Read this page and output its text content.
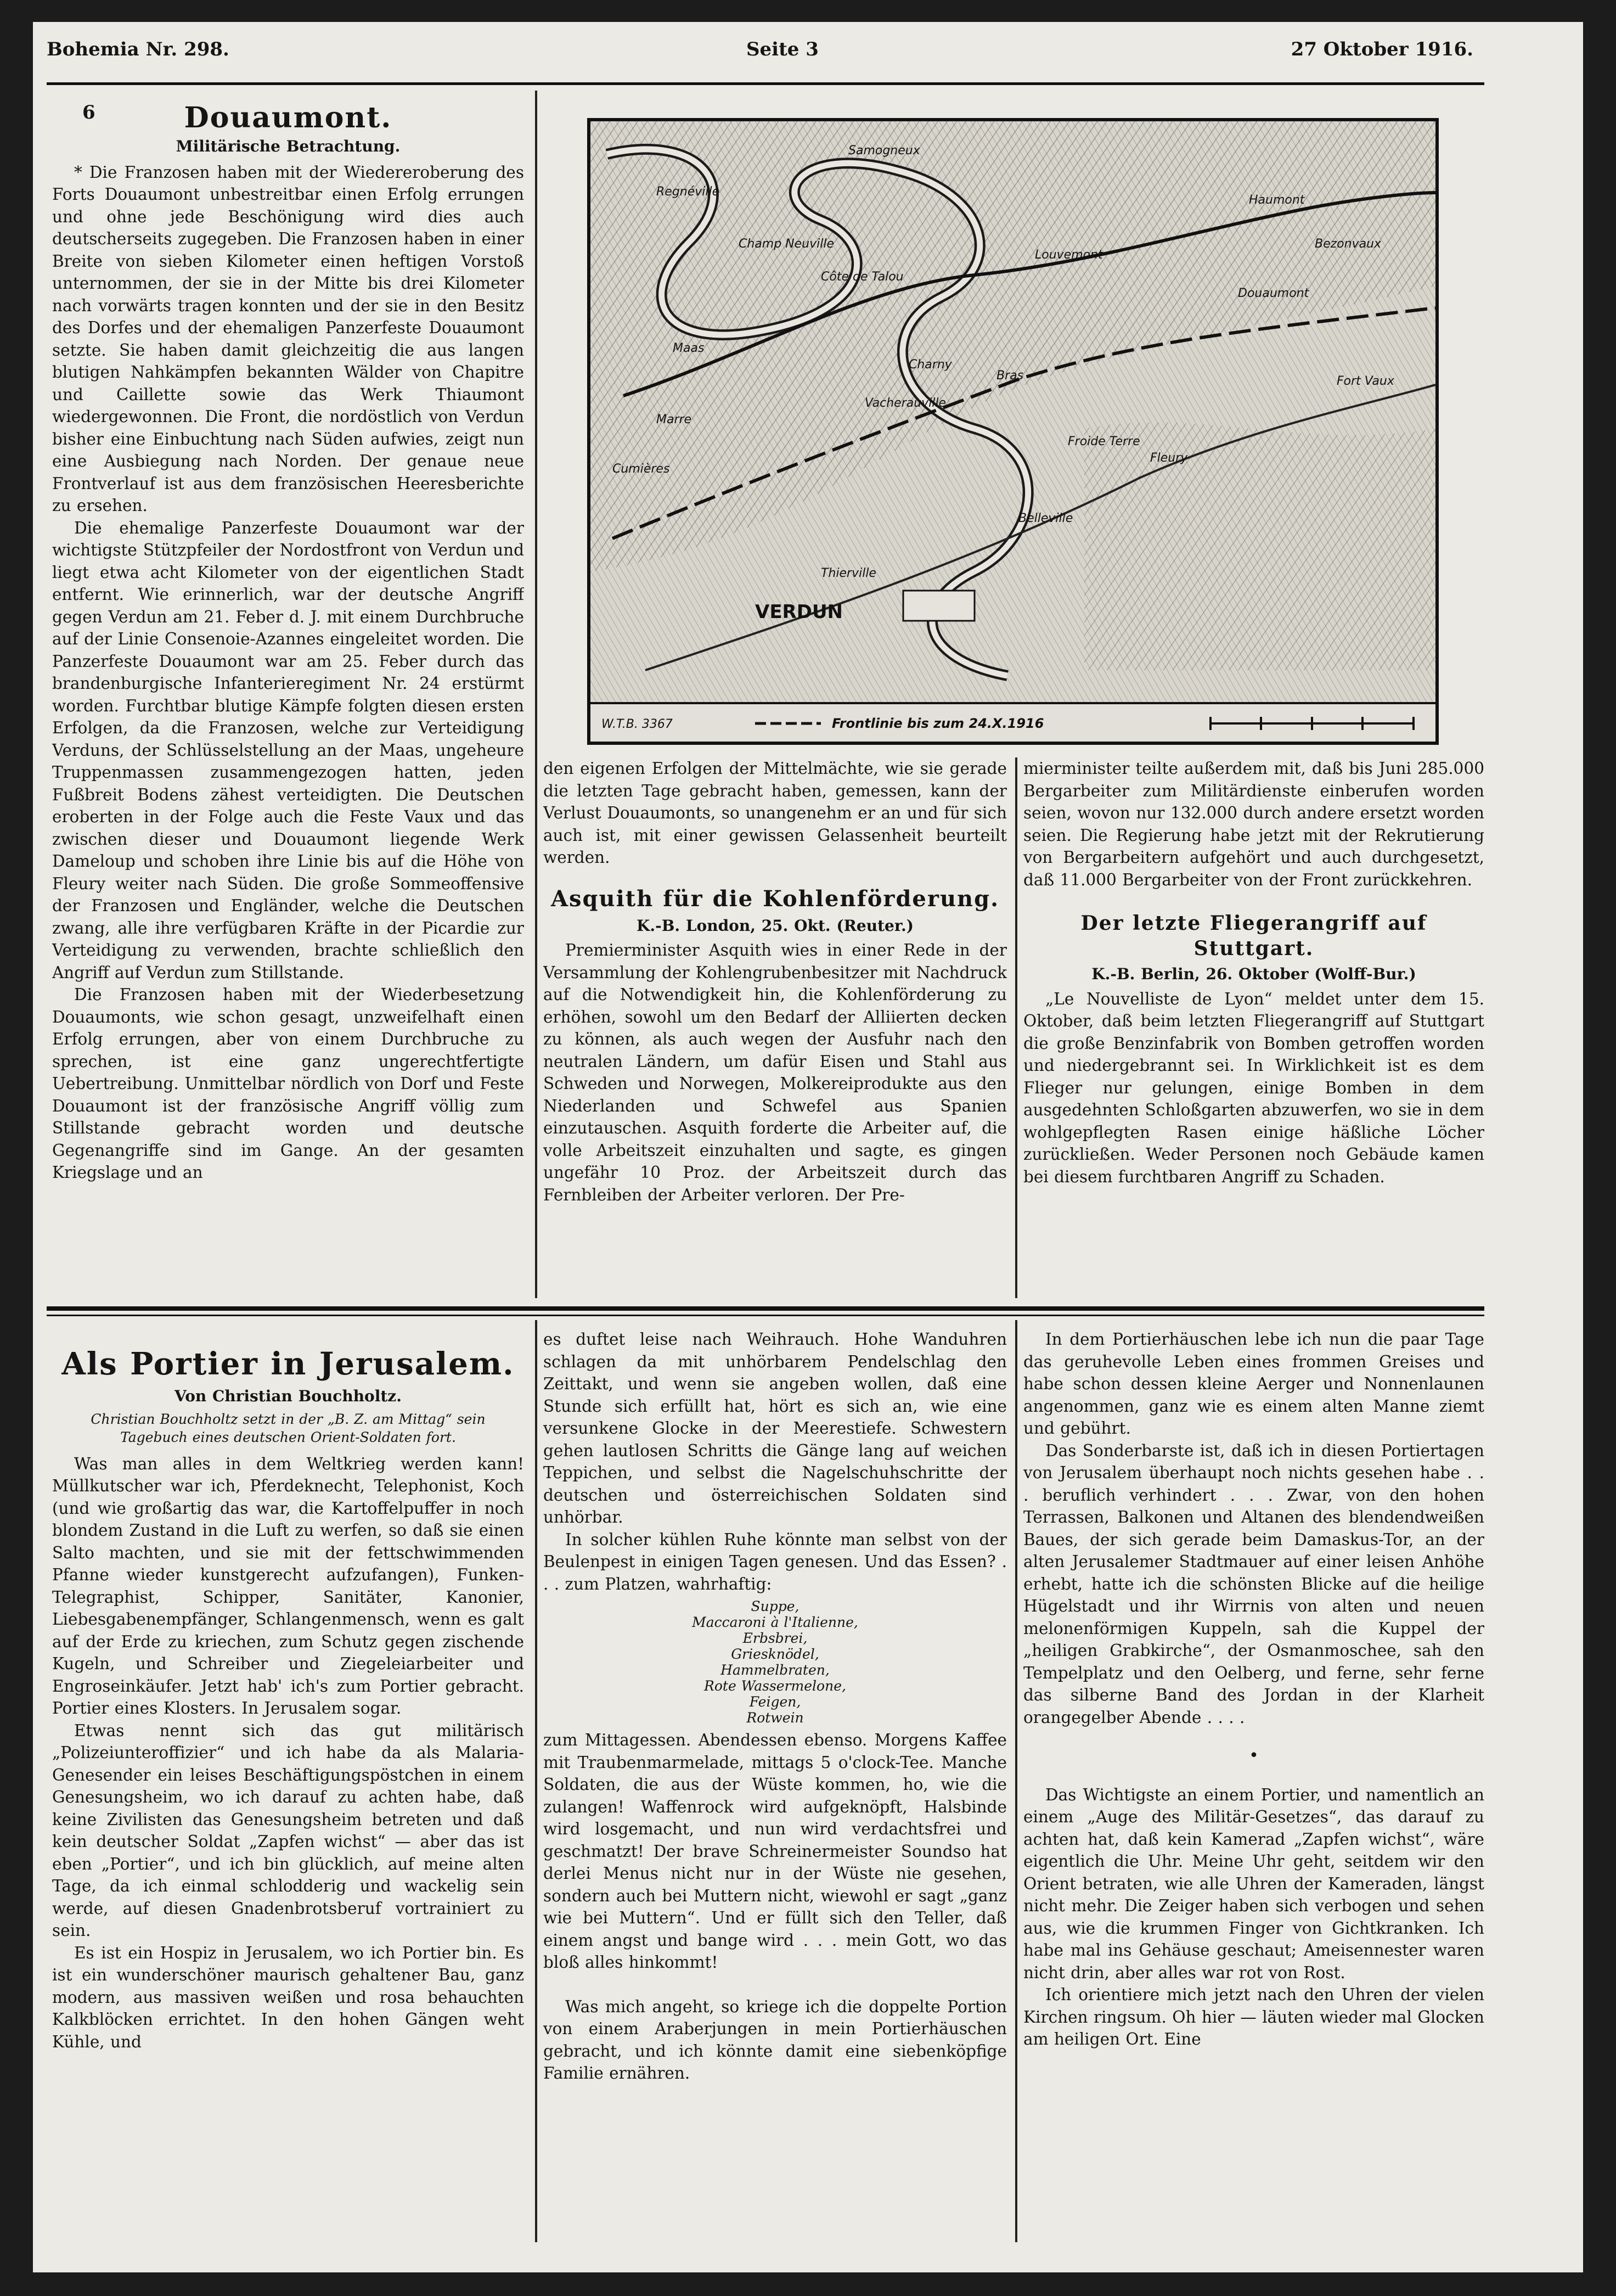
Bohemia Nr. 298.	Seite 3	27 Oktober 1916.
6	Douaumont.
Militärische Betrachtung.

* Die Franzosen haben mit der Wiedereroberung des Forts Douaumont unbestreitbar einen Erfolg errungen und ohne jede Beschönigung wird dies auch deutscherseits zugegeben. Die Franzosen haben in einer Breite von sieben Kilometer einen heftigen Vorstoß unternommen, der sie in der Mitte bis drei Kilometer nach vorwärts tragen konnten und der sie in den Besitz des Dorfes und der ehemaligen Panzerfeste Douaumont setzte. Sie haben damit gleichzeitig die aus langen blutigen Nahkämpfen bekannten Wälder von Chapitre und Caillette sowie das Werk Thiaumont wiedergewonnen. Die Front, die nordöstlich von Verdun bisher eine Einbuchtung nach Süden aufwies, zeigt nun eine Ausbiegung nach Norden. Der genaue neue Frontverlauf ist aus dem französischen Heeresberichte zu ersehen.

Die ehemalige Panzerfeste Douaumont war der wichtigste Stützpfeiler der Nordostfront von Verdun und liegt etwa acht Kilometer von der eigentlichen Stadt entfernt. Wie erinnerlich, war der deutsche Angriff gegen Verdun am 21. Feber d. J. mit einem Durchbruche auf der Linie Consenoie-Azannes eingeleitet worden. Die Panzerfeste Douaumont war am 25. Feber durch das brandenburgische Infanterieregiment Nr. 24 erstürmt worden. Furchtbar blutige Kämpfe folgten diesen ersten Erfolgen, da die Franzosen, welche zur Verteidigung Verduns, der Schlüsselstellung an der Maas, ungeheure Truppenmassen zusammengezogen hatten, jeden Fußbreit Bodens zähest verteidigten. Die Deutschen eroberten in der Folge auch die Feste Vaux und das zwischen dieser und Douaumont liegende Werk Dameloup und schoben ihre Linie bis auf die Höhe von Fleury weiter nach Süden. Die große Sommeoffensive der Franzosen und Engländer, welche die Deutschen zwang, alle ihre verfügbaren Kräfte in der Picardie zur Verteidigung zu verwenden, brachte schließlich den Angriff auf Verdun zum Stillstande.

Die Franzosen haben mit der Wiederbesetzung Douaumonts, wie schon gesagt, unzweifelhaft einen Erfolg errungen, aber von einem Durchbruche zu sprechen, ist eine ganz ungerechtfertigte Uebertreibung. Unmittelbar nördlich von Dorf und Feste Douaumont ist der französische Angriff völlig zum Stillstande gebracht worden und deutsche Gegenangriffe sind im Gange. An der gesamten Kriegslage und an

Samogneux
Regnéville
Champ Neuville
Côte de Talou
Louvemont
Bezonvaux
Haumont
Douaumont
Maas
Bras
Charny
Vacherauville
Fort Vaux
Fleury
Froide Terre
Belleville
Thierville
Marre
Cumières
VERDUN
W.T.B. 3367	Frontlinie bis zum 24.X.1916

den eigenen Erfolgen der Mittelmächte, wie sie gerade die letzten Tage gebracht haben, gemessen, kann der Verlust Douaumonts, so unangenehm er an und für sich auch ist, mit einer gewissen Gelassenheit beurteilt werden.

Asquith für die Kohlenförderung.
K.-B. London, 25. Okt. (Reuter.)

Premierminister Asquith wies in einer Rede in der Versammlung der Kohlengrubenbesitzer mit Nachdruck auf die Notwendigkeit hin, die Kohlenförderung zu erhöhen, sowohl um den Bedarf der Alliierten decken zu können, als auch wegen der Ausfuhr nach den neutralen Ländern, um dafür Eisen und Stahl aus Schweden und Norwegen, Molkereiprodukte aus den Niederlanden und Schwefel aus Spanien einzutauschen. Asquith forderte die Arbeiter auf, die volle Arbeitszeit einzuhalten und sagte, es gingen ungefähr 10 Proz. der Arbeitszeit durch das Fernbleiben der Arbeiter verloren. Der Pre-

mierminister teilte außerdem mit, daß bis Juni 285.000 Bergarbeiter zum Militärdienste einberufen worden seien, wovon nur 132.000 durch andere ersetzt worden seien. Die Regierung habe jetzt mit der Rekrutierung von Bergarbeitern aufgehört und auch durchgesetzt, daß 11.000 Bergarbeiter von der Front zurückkehren.

Der letzte Fliegerangriff auf Stuttgart.
K.-B. Berlin, 26. Oktober (Wolff-Bur.)

„Le Nouvelliste de Lyon“ meldet unter dem 15. Oktober, daß beim letzten Fliegerangriff auf Stuttgart die große Benzinfabrik von Bomben getroffen worden und niedergebrannt sei. In Wirklichkeit ist es dem Flieger nur gelungen, einige Bomben in dem ausgedehnten Schloßgarten abzuwerfen, wo sie in dem wohlgepflegten Rasen einige häßliche Löcher zurückließen. Weder Personen noch Gebäude kamen bei diesem furchtbaren Angriff zu Schaden.

Als Portier in Jerusalem.
Von Christian Bouchholtz.
Christian Bouchholtz setzt in der „B. Z. am Mittag“ sein Tagebuch eines deutschen Orient-Soldaten fort.

Was man alles in dem Weltkrieg werden kann! Müllkutscher war ich, Pferdeknecht, Telephonist, Koch (und wie großartig das war, die Kartoffelpuffer in noch blondem Zustand in die Luft zu werfen, so daß sie einen Salto machten, und sie mit der fettschwimmenden Pfanne wieder kunstgerecht aufzufangen), Funken-Telegraphist, Schipper, Sanitäter, Kanonier, Liebesgabenempfänger, Schlangenmensch, wenn es galt auf der Erde zu kriechen, zum Schutz gegen zischende Kugeln, und Schreiber und Ziegeleiarbeiter und Engroseinkäufer. Jetzt hab' ich's zum Portier gebracht. Portier eines Klosters. In Jerusalem sogar.

Etwas nennt sich das gut militärisch „Polizeiunteroffizier“ und ich habe da als Malaria-Genesender ein leises Beschäftigungspöstchen in einem Genesungsheim, wo ich darauf zu achten habe, daß keine Zivilisten das Genesungsheim betreten und daß kein deutscher Soldat „Zapfen wichst“ — aber das ist eben „Portier“, und ich bin glücklich, auf meine alten Tage, da ich einmal schlodderig und wackelig sein werde, auf diesen Gnadenbrotsberuf vortrainiert zu sein.

Es ist ein Hospiz in Jerusalem, wo ich Portier bin. Es ist ein wunderschöner maurisch gehaltener Bau, ganz modern, aus massiven weißen und rosa behauchten Kalkblöcken errichtet. In den hohen Gängen weht Kühle, und

es duftet leise nach Weihrauch. Hohe Wanduhren schlagen da mit unhörbarem Pendelschlag den Zeittakt, und wenn sie angeben wollen, daß eine Stunde sich erfüllt hat, hört es sich an, wie eine versunkene Glocke in der Meerestiefe. Schwestern gehen lautlosen Schritts die Gänge lang auf weichen Teppichen, und selbst die Nagelschuhschritte der deutschen und österreichischen Soldaten sind unhörbar.

In solcher kühlen Ruhe könnte man selbst von der Beulenpest in einigen Tagen genesen. Und das Essen? . . . zum Platzen, wahrhaftig:

Suppe,
Maccaroni à l'Italienne,
Erbsbrei,
Griesknödel,
Hammelbraten,
Rote Wassermelone,
Feigen,
Rotwein

zum Mittagessen. Abendessen ebenso. Morgens Kaffee mit Traubenmarmelade, mittags 5 o'clock-Tee. Manche Soldaten, die aus der Wüste kommen, ho, wie die zulangen! Waffenrock wird aufgeknöpft, Halsbinde wird losgemacht, und nun wird verdachtsfrei und geschmatzt! Der brave Schreinermeister Soundso hat derlei Menus nicht nur in der Wüste nie gesehen, sondern auch bei Muttern nicht, wiewohl er sagt „ganz wie bei Muttern“. Und er füllt sich den Teller, daß einem angst und bange wird . . . mein Gott, wo das bloß alles hinkommt!

Was mich angeht, so kriege ich die doppelte Portion von einem Araberjungen in mein Portierhäuschen gebracht, und ich könnte damit eine siebenköpfige Familie ernähren.

In dem Portierhäuschen lebe ich nun die paar Tage das geruhevolle Leben eines frommen Greises und habe schon dessen kleine Aerger und Nonnenlaunen angenommen, ganz wie es einem alten Manne ziemt und gebührt.

Das Sonderbarste ist, daß ich in diesen Portiertagen von Jerusalem überhaupt noch nichts gesehen habe . . . beruflich verhindert . . . Zwar, von den hohen Terrassen, Balkonen und Altanen des blendendweißen Baues, der sich gerade beim Damaskus-Tor, an der alten Jerusalemer Stadtmauer auf einer leisen Anhöhe erhebt, hatte ich die schönsten Blicke auf die heilige Hügelstadt und ihr Wirrnis von alten und neuen melonenförmigen Kuppeln, sah die Kuppel der „heiligen Grabkirche“, der Osmanmoschee, sah den Tempelplatz und den Oelberg, und ferne, sehr ferne das silberne Band des Jordan in der Klarheit orangegelber Abende . . . .

•

Das Wichtigste an einem Portier, und namentlich an einem „Auge des Militär-Gesetzes“, das darauf zu achten hat, daß kein Kamerad „Zapfen wichst“, wäre eigentlich die Uhr. Meine Uhr geht, seitdem wir den Orient betraten, wie alle Uhren der Kameraden, längst nicht mehr. Die Zeiger haben sich verbogen und sehen aus, wie die krummen Finger von Gichtkranken. Ich habe mal ins Gehäuse geschaut; Ameisennester waren nicht drin, aber alles war rot von Rost.

Ich orientiere mich jetzt nach den Uhren der vielen Kirchen ringsum. Oh hier — läuten wieder mal Glocken am heiligen Ort. Eine
